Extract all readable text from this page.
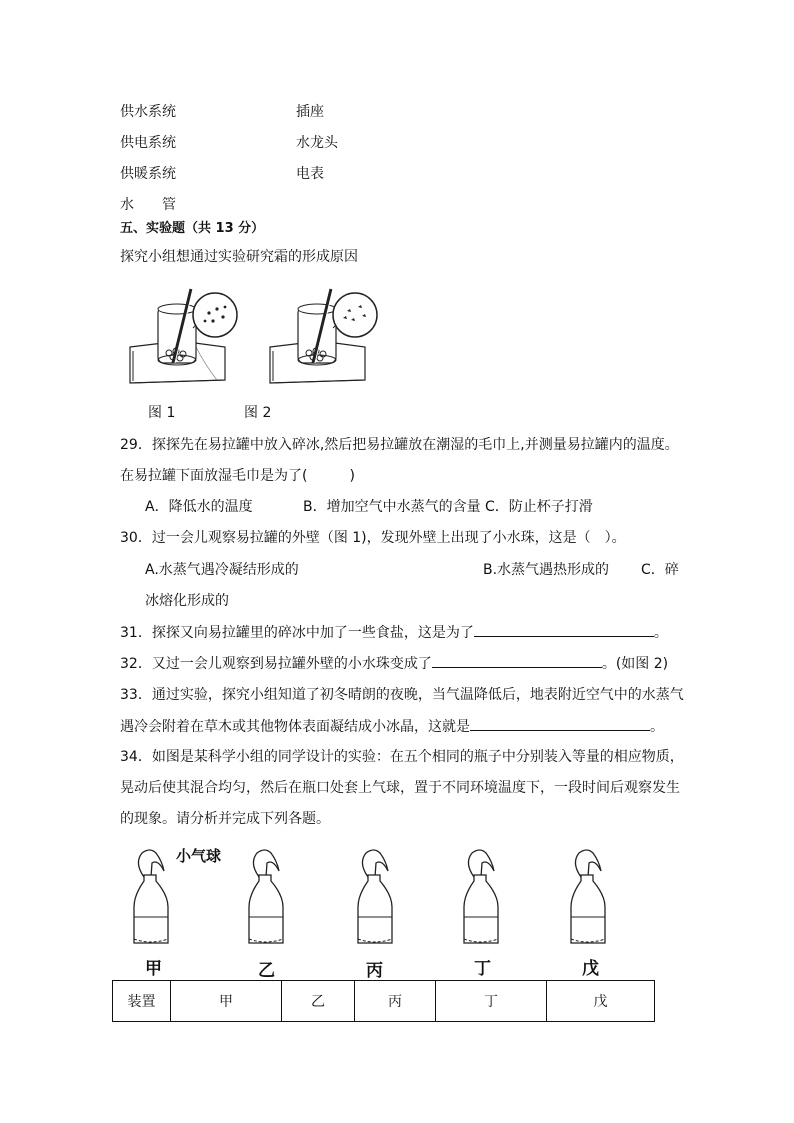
供水系统	插座
供电系统	水龙头
供暖系统	电表
水　　管
五、实验题（共 13 分）
探究小组想通过实验研究霜的形成原因
图 1	图 2
29．探探先在易拉罐中放入碎冰,然后把易拉罐放在潮湿的毛巾上,并测量易拉罐内的温度。
在易拉罐下面放湿毛巾是为了(　　　)
A．降低水的温度	B．增加空气中水蒸气的含量 C．防止杯子打滑
30．过一会儿观察易拉罐的外壁（图 1)，发现外壁上出现了小水珠，这是（　）。
A.水蒸气遇冷凝结形成的	B.水蒸气遇热形成的 C．碎
冰熔化形成的
31．探探又向易拉罐里的碎冰中加了一些食盐，这是为了	。
32．又过一会儿观察到易拉罐外壁的小水珠变成了	。(如图 2)
33．通过实验，探究小组知道了初冬晴朗的夜晚，当气温降低后，地表附近空气中的水蒸气
遇冷会附着在草木或其他物体表面凝结成小冰晶，这就是	。
34．如图是某科学小组的同学设计的实验：在五个相同的瓶子中分别装入等量的相应物质，
晃动后使其混合均匀，然后在瓶口处套上气球，置于不同环境温度下，一段时间后观察发生
的现象。请分析并完成下列各题。
小气球
甲	乙	丙	丁	戊
装置	甲	乙	丙	丁	戊
